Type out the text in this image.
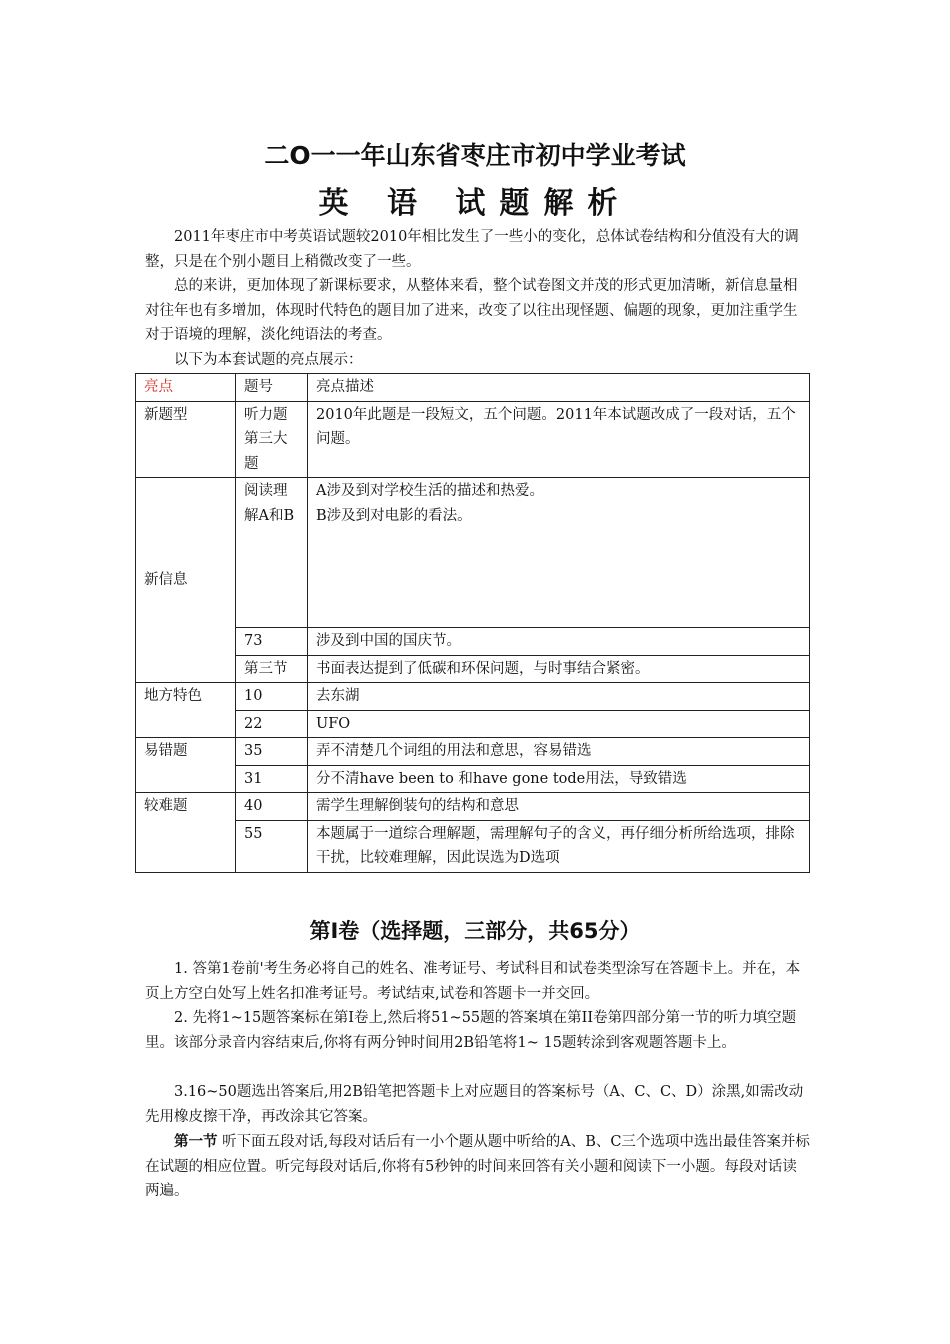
二O一一年山东省枣庄市初中学业考试
英 语 试题解析
2011年枣庄市中考英语试题较2010年相比发生了一些小的变化，总体试卷结构和分值没有大的调整，只是在个别小题目上稍微改变了一些。
总的来讲，更加体现了新课标要求，从整体来看，整个试卷图文并茂的形式更加清晰，新信息量相对往年也有多增加，体现时代特色的题目加了进来，改变了以往出现怪题、偏题的现象，更加注重学生对于语境的理解，淡化纯语法的考查。
以下为本套试题的亮点展示：
亮点	题号	亮点描述
新题型	听力题第三大题	2010年此题是一段短文，五个问题。2011年本试题改成了一段对话，五个问题。
新信息	阅读理解A和B	A涉及到对学校生活的描述和热爱。
B涉及到对电影的看法。

	73	涉及到中国的国庆节。
	第三节	书面表达提到了低碳和环保问题，与时事结合紧密。
地方特色	10	去东湖
	22	UFO
易错题	35	弄不清楚几个词组的用法和意思，容易错选
	31	分不清have been to 和have gone tode用法，导致错选
较难题	40	需学生理解倒装句的结构和意思
	55	本题属于一道综合理解题，需理解句子的含义，再仔细分析所给选项，排除干扰，比较难理解，因此误选为D选项
第Ⅰ卷（选择题，三部分，共65分）
1. 答第1卷前'考生务必将自己的姓名、准考证号、考试科目和试卷类型涂写在答题卡上。并在，本页上方空白处写上姓名扣准考证号。考试结束,试卷和答题卡一并交回。
2. 先将1~15题答案标在第I卷上,然后将51~55题的答案填在第II卷第四部分第一节的听力填空题里。该部分录音内容结束后,你将有两分钟时间用2B铅笔将1~ 15题转涂到客观题答题卡上。
3.16~50题选出答案后,用2B铅笔把答题卡上对应题目的答案标号（A、C、C、D）涂黑,如需改动先用橡皮擦干净，再改涂其它答案。
第一节 听下面五段对话,每段对话后有一小个题从题中听给的A、B、C三个选项中选出最佳答案并标在试题的相应位置。听完每段对话后,你将有5秒钟的时间来回答有关小题和阅读下一小题。每段对话读两遍。
